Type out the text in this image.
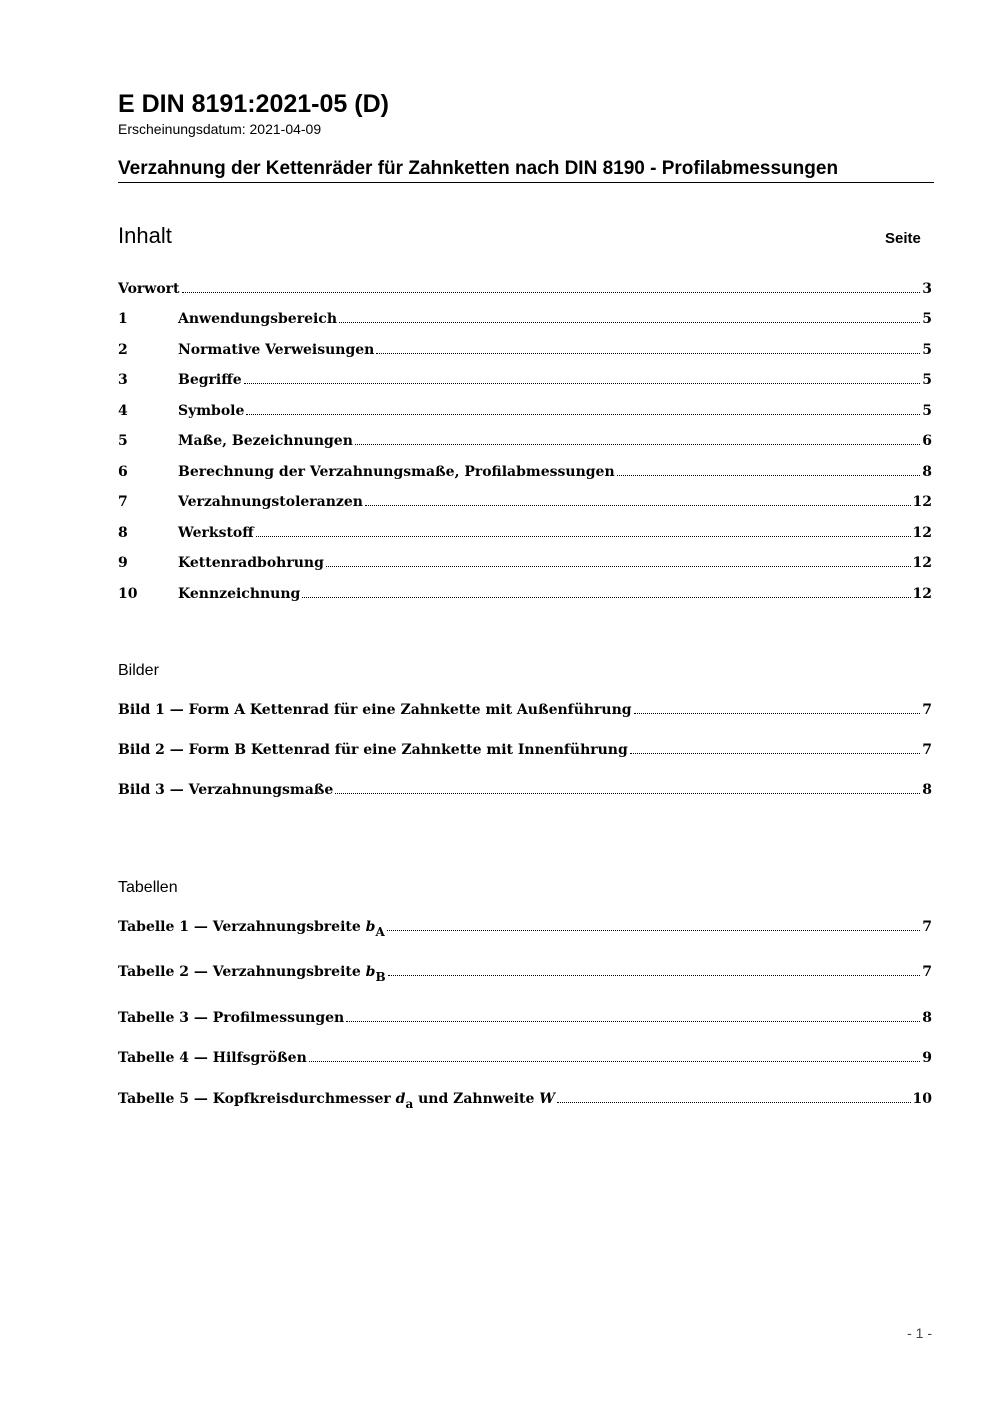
E DIN 8191:2021-05 (D)
Erscheinungsdatum: 2021-04-09
Verzahnung der Kettenräder für Zahnketten nach DIN 8190 - Profilabmessungen
Inhalt	Seite
Vorwort	3
1	Anwendungsbereich	5
2	Normative Verweisungen	5
3	Begriffe	5
4	Symbole	5
5	Maße, Bezeichnungen	6
6	Berechnung der Verzahnungsmaße, Profilabmessungen	8
7	Verzahnungstoleranzen	12
8	Werkstoff	12
9	Kettenradbohrung	12
10	Kennzeichnung	12
Bilder
Bild 1 — Form A Kettenrad für eine Zahnkette mit Außenführung	7
Bild 2 — Form B Kettenrad für eine Zahnkette mit Innenführung	7
Bild 3 — Verzahnungsmaße	8
Tabellen
Tabelle 1 — Verzahnungsbreite bA	7
Tabelle 2 — Verzahnungsbreite bB	7
Tabelle 3 — Profilmessungen	8
Tabelle 4 — Hilfsgrößen	9
Tabelle 5 — Kopfkreisdurchmesser da und Zahnweite W	10
- 1 -
